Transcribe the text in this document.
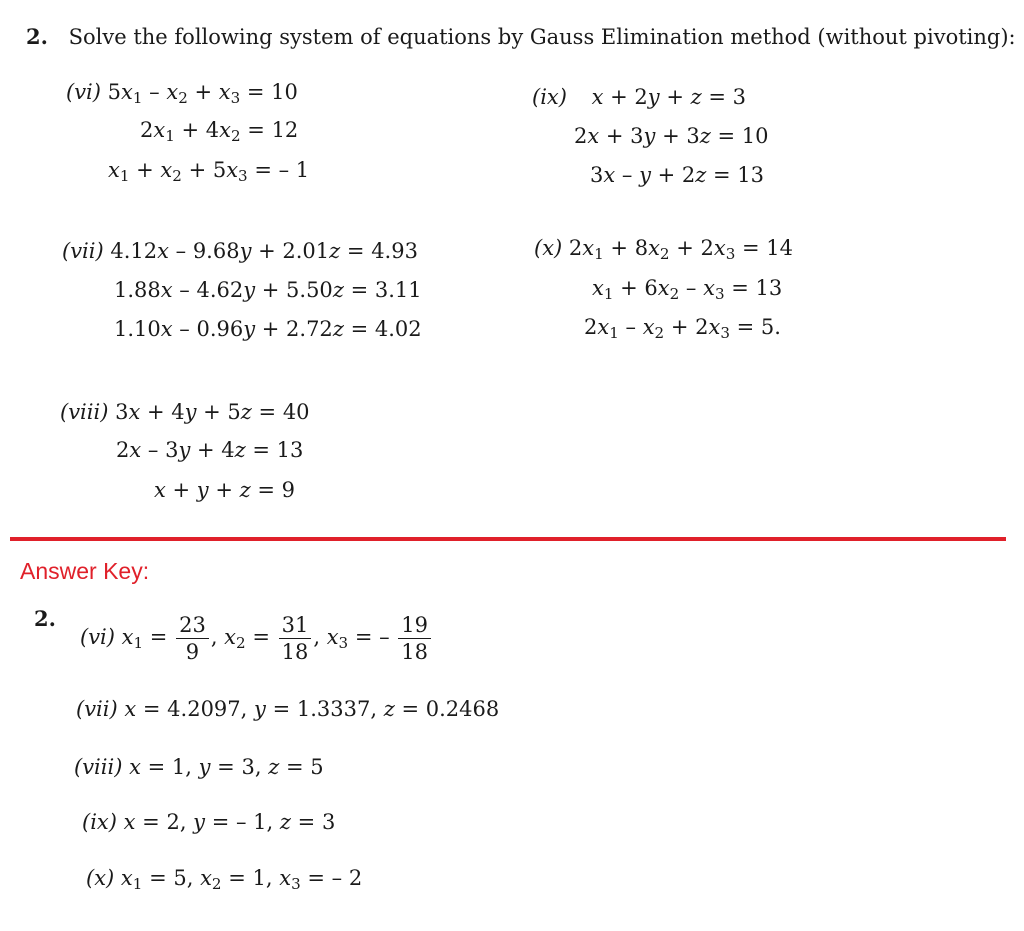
2. Solve the following system of equations by Gauss Elimination method (without pivoting):
(vi) $5x_1 - x_2 + x_3 = 10$
$2x_1 + 4x_2 = 12$
$x_1 + x_2 + 5x_3$ = – 1
(ix) x + 2y + z = 3
2x + 3y + 3z = 10
3x – y + 2z = 13
(vii) 4.12x – 9.68y + 2.01z = 4.93
1.88x – 4.62y + 5.50z = 3.11
1.10x – 0.96y + 2.72z = 4.02
(x) $2x_1 + 8x_2 + 2x_3 = 14$
$x_1 + 6x_2 - x_3 = 13$
$2x_1 - x_2 + 2x_3 = 5$.
(viii) 3x + 4y + 5z = 40
2x – 3y + 4z = 13
x + y + z = 9
Answer Key:
2.
(vi) $x_1 = \frac{23}{9}$ , $x_2 = \frac{31}{18}$ , $x_3$ = – $\frac{19}{18}$
(vii) x = 4.2097, y = 1.3337, z = 0.2468
(viii) x = 1, y = 3, z = 5
(ix) x = 2, y = – 1, z = 3
(x) $x_1 = 5$, $x_2 = 1$, $x_3$ = – 2
